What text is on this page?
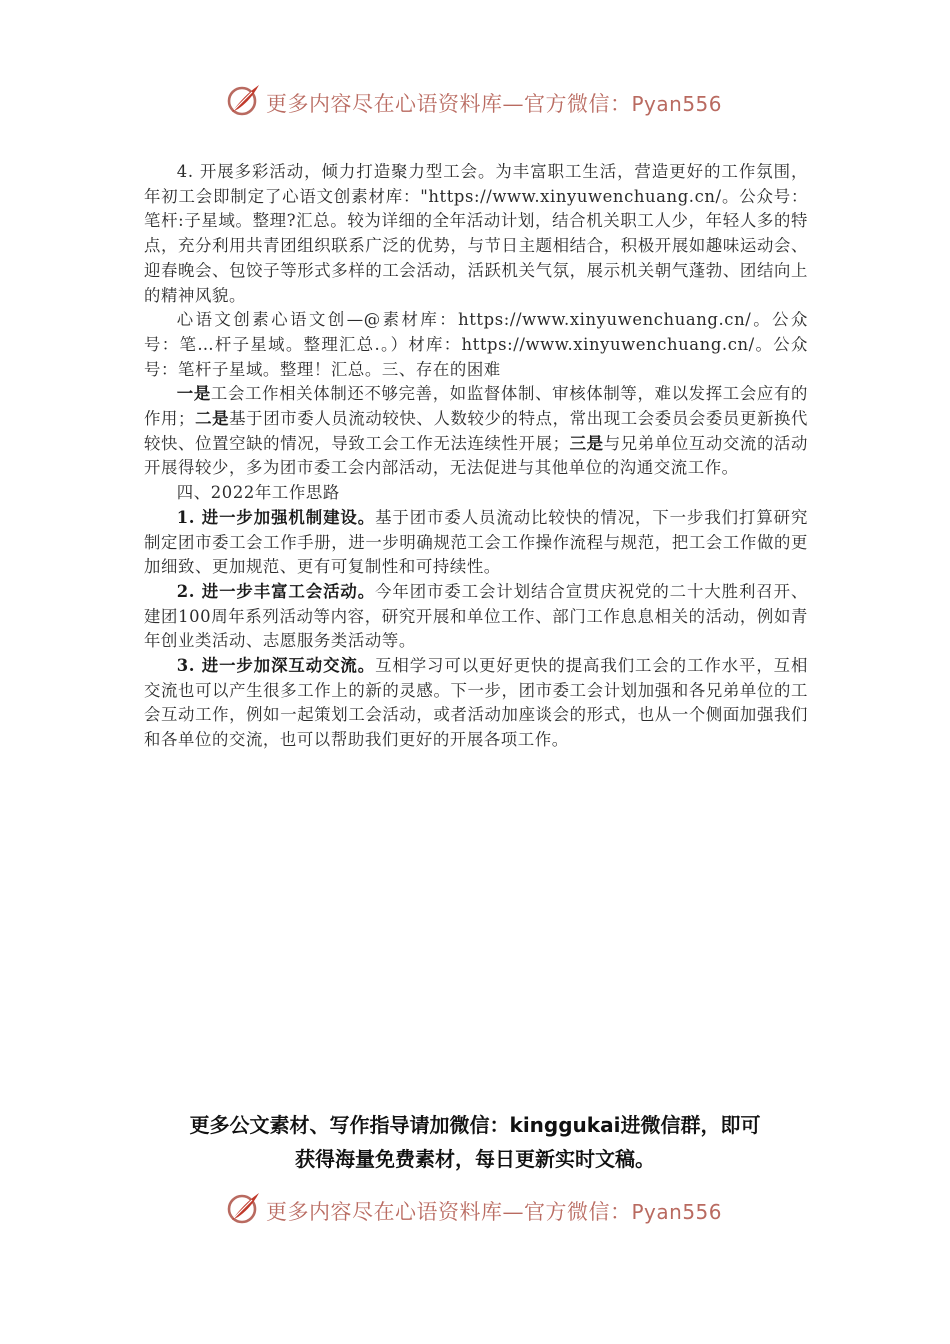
更多内容尽在心语资料库—官方微信：Pyan556

4. 开展多彩活动，倾力打造聚力型工会。为丰富职工生活，营造更好的工作氛围，年初工会即制定了心语文创素材库："https://www.xinyuwenchuang.cn/。公众号：笔杆:子星域。整理?汇总。较为详细的全年活动计划，结合机关职工人少，年轻人多的特点，充分利用共青团组织联系广泛的优势，与节日主题相结合，积极开展如趣味运动会、迎春晚会、包饺子等形式多样的工会活动，活跃机关气氛，展示机关朝气蓬勃、团结向上的精神风貌。

心语文创素心语文创—@素材库：https://www.xinyuwenchuang.cn/。公众号：笔…杆子星域。整理汇总.。）材库：https://www.xinyuwenchuang.cn/。公众号：笔杆子星域。整理！汇总。三、存在的困难

一是工会工作相关体制还不够完善，如监督体制、审核体制等，难以发挥工会应有的作用；二是基于团市委人员流动较快、人数较少的特点，常出现工会委员会委员更新换代较快、位置空缺的情况，导致工会工作无法连续性开展；三是与兄弟单位互动交流的活动开展得较少，多为团市委工会内部活动，无法促进与其他单位的沟通交流工作。

四、2022年工作思路

1. 进一步加强机制建设。基于团市委人员流动比较快的情况，下一步我们打算研究制定团市委工会工作手册，进一步明确规范工会工作操作流程与规范，把工会工作做的更加细致、更加规范、更有可复制性和可持续性。

2. 进一步丰富工会活动。今年团市委工会计划结合宣贯庆祝党的二十大胜利召开、建团100周年系列活动等内容，研究开展和单位工作、部门工作息息相关的活动，例如青年创业类活动、志愿服务类活动等。

3. 进一步加深互动交流。互相学习可以更好更快的提高我们工会的工作水平，互相交流也可以产生很多工作上的新的灵感。下一步，团市委工会计划加强和各兄弟单位的工会互动工作，例如一起策划工会活动，或者活动加座谈会的形式，也从一个侧面加强我们和各单位的交流，也可以帮助我们更好的开展各项工作。

更多公文素材、写作指导请加微信：kinggukai进微信群，即可
获得海量免费素材，每日更新实时文稿。
更多内容尽在心语资料库—官方微信：Pyan556
